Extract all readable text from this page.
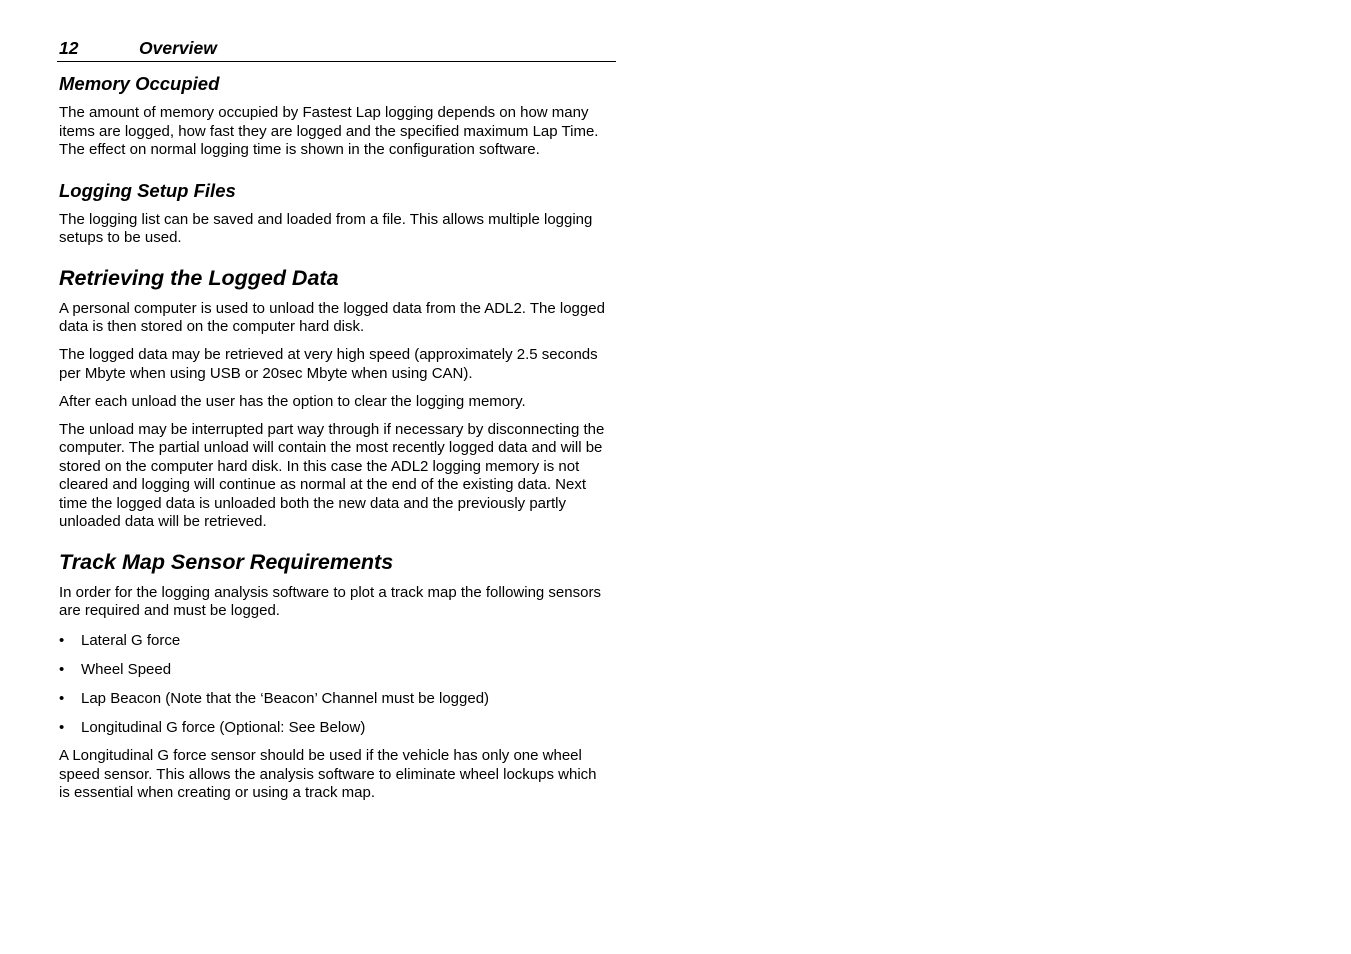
12	Overview
Memory Occupied

The amount of memory occupied by Fastest Lap logging depends on how many items are logged, how fast they are logged and the specified maximum Lap Time. The effect on normal logging time is shown in the configuration software.

Logging Setup Files

The logging list can be saved and loaded from a file. This allows multiple logging setups to be used.

Retrieving the Logged Data

A personal computer is used to unload the logged data from the ADL2. The logged data is then stored on the computer hard disk.

The logged data may be retrieved at very high speed (approximately 2.5 seconds per Mbyte when using USB or 20sec Mbyte when using CAN).

After each unload the user has the option to clear the logging memory.

The unload may be interrupted part way through if necessary by disconnecting the computer. The partial unload will contain the most recently logged data and will be stored on the computer hard disk. In this case the ADL2 logging memory is not cleared and logging will continue as normal at the end of the existing data. Next time the logged data is unloaded both the new data and the previously partly unloaded data will be retrieved.

Track Map Sensor Requirements

In order for the logging analysis software to plot a track map the following sensors are required and must be logged.

•	Lateral G force
•	Wheel Speed
•	Lap Beacon (Note that the ‘Beacon’ Channel must be logged)
•	Longitudinal G force (Optional: See Below)

A Longitudinal G force sensor should be used if the vehicle has only one wheel speed sensor. This allows the analysis software to eliminate wheel lockups which is essential when creating or using a track map.
